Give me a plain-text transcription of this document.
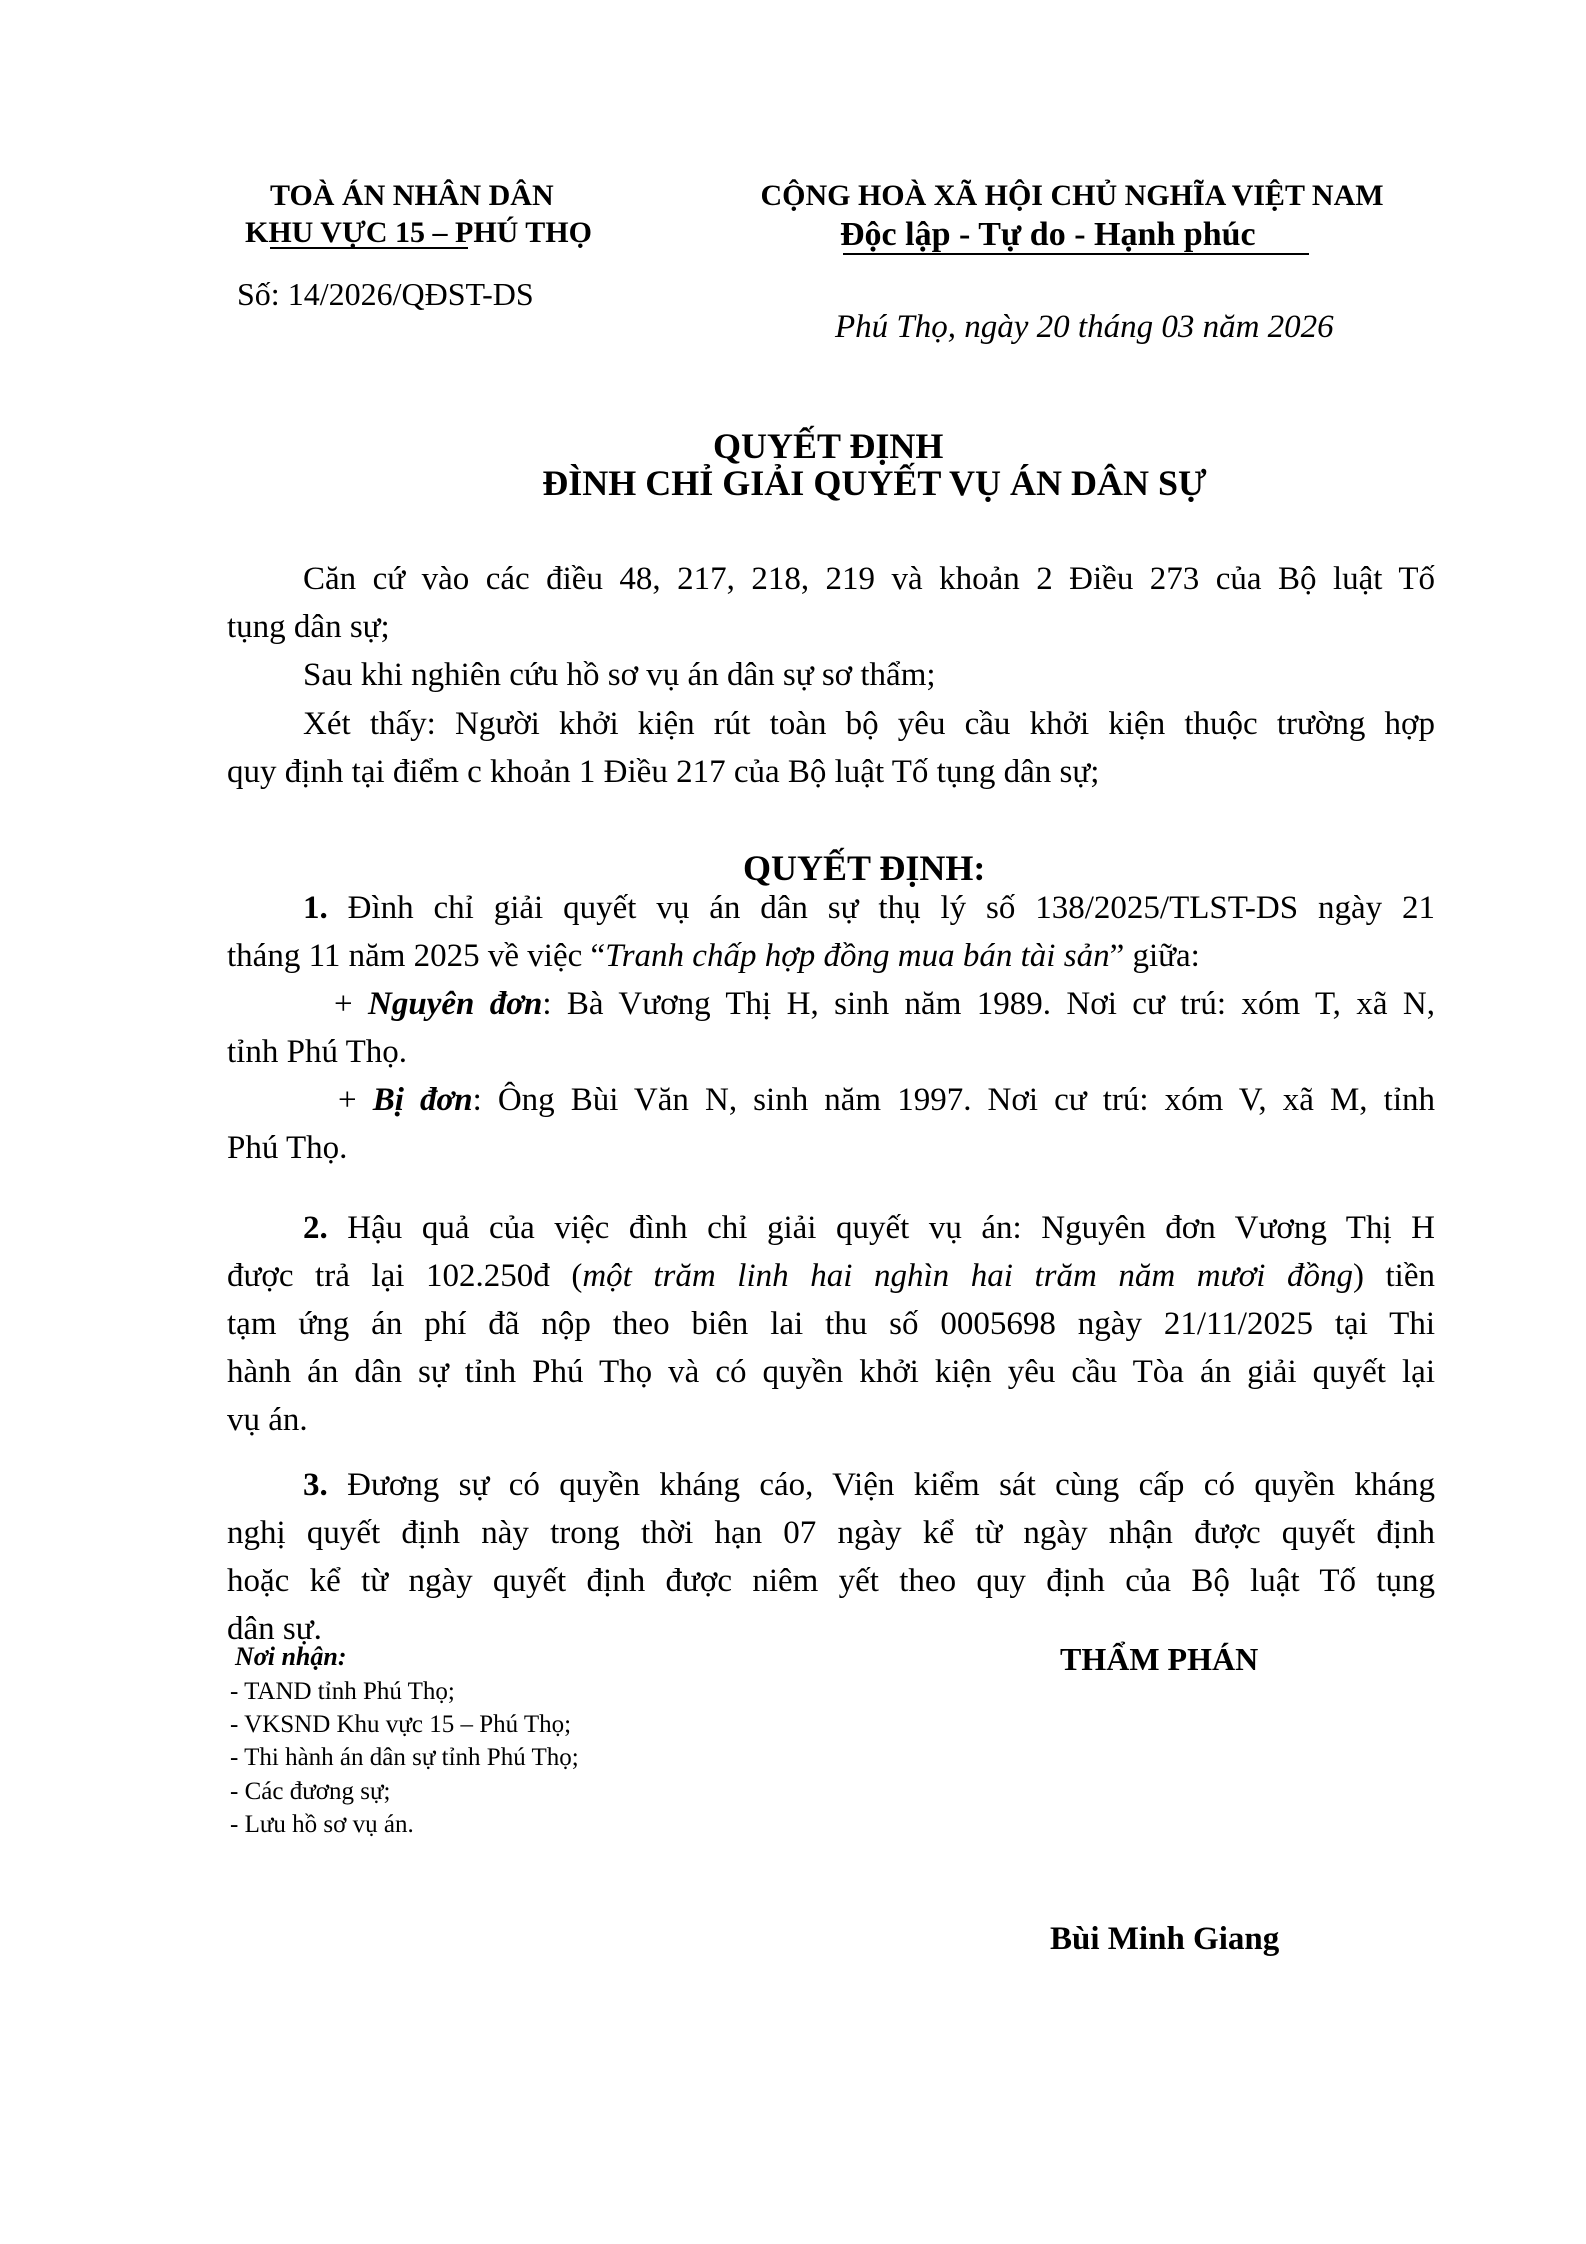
TOÀ ÁN NHÂN DÂN
KHU VỰC 15 – PHÚ THỌ
Số: 14/2026/QĐST-DS
CỘNG HOÀ XÃ HỘI CHỦ NGHĨA VIỆT NAM
Độc lập - Tự do - Hạnh phúc
Phú Thọ, ngày 20 tháng 03 năm 2026
QUYẾT ĐỊNH
ĐÌNH CHỈ GIẢI QUYẾT VỤ ÁN DÂN SỰ
Căn cứ vào các điều 48, 217, 218, 219 và khoản 2 Điều 273 của Bộ luật Tố
tụng dân sự;
Sau khi nghiên cứu hồ sơ vụ án dân sự sơ thẩm;
Xét thấy: Người khởi kiện rút toàn bộ yêu cầu khởi kiện thuộc trường hợp
quy định tại điểm c khoản 1 Điều 217 của Bộ luật Tố tụng dân sự;
QUYẾT ĐỊNH:
1. Đình chỉ giải quyết vụ án dân sự thụ lý số 138/2025/TLST-DS ngày 21
tháng 11 năm 2025 về việc “Tranh chấp hợp đồng mua bán tài sản” giữa:
+ Nguyên đơn: Bà Vương Thị H, sinh năm 1989. Nơi cư trú: xóm T, xã N,
tỉnh Phú Thọ.
+ Bị đơn: Ông Bùi Văn N, sinh năm 1997. Nơi cư trú: xóm V, xã M, tỉnh
Phú Thọ.
2. Hậu quả của việc đình chỉ giải quyết vụ án: Nguyên đơn Vương Thị H
được trả lại 102.250đ (một trăm linh hai nghìn hai trăm năm mươi đồng) tiền
tạm ứng án phí đã nộp theo biên lai thu số 0005698 ngày 21/11/2025 tại Thi
hành án dân sự tỉnh Phú Thọ và có quyền khởi kiện yêu cầu Tòa án giải quyết lại
vụ án.
3. Đương sự có quyền kháng cáo, Viện kiểm sát cùng cấp có quyền kháng
nghị quyết định này trong thời hạn 07 ngày kể từ ngày nhận được quyết định
hoặc kể từ ngày quyết định được niêm yết theo quy định của Bộ luật Tố tụng
dân sự.
Nơi nhận:
- TAND tỉnh Phú Thọ;
- VKSND Khu vực 15 – Phú Thọ;
- Thi hành án dân sự tỉnh Phú Thọ;
- Các đương sự;
- Lưu hồ sơ vụ án.
THẨM PHÁN
Bùi Minh Giang
